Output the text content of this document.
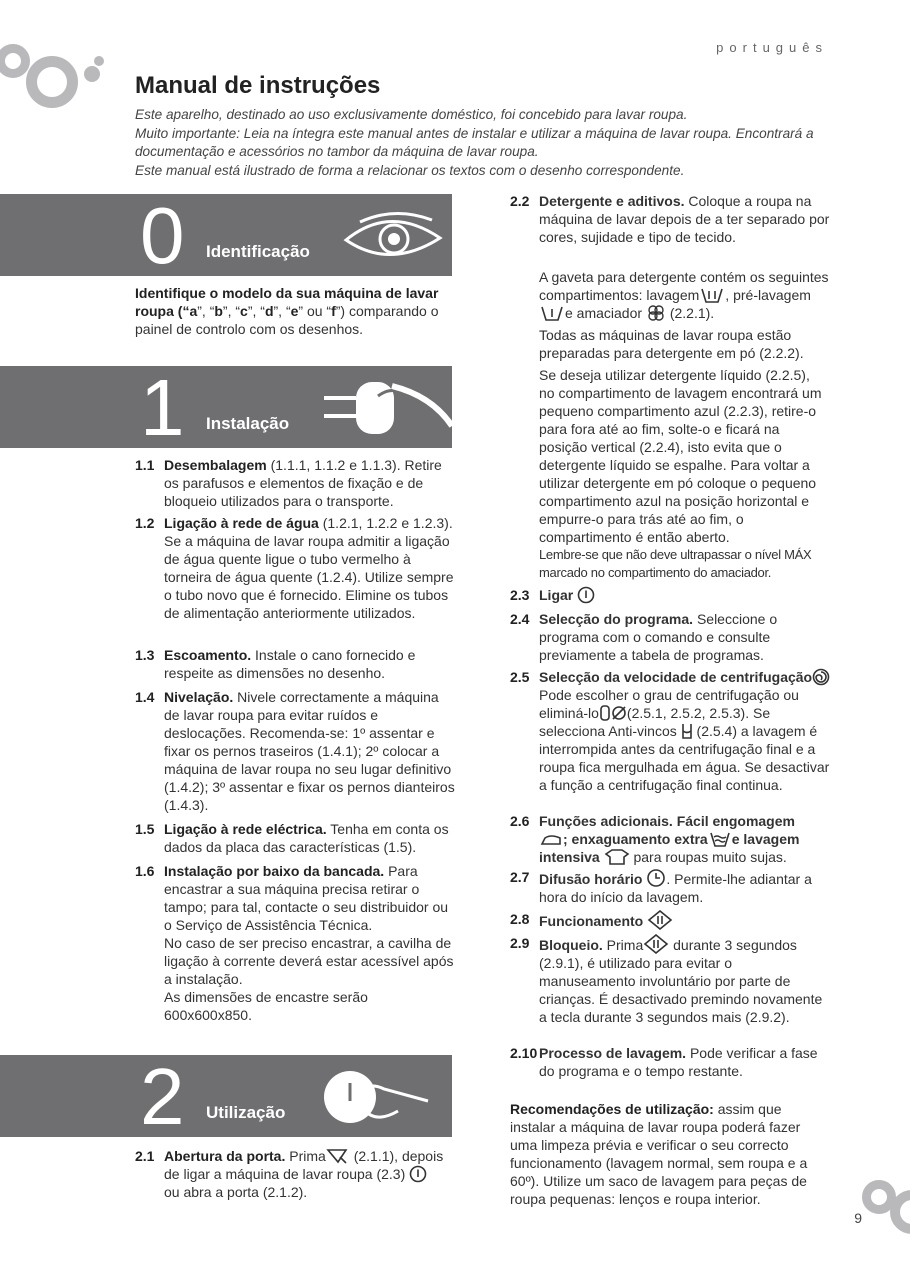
português
Manual de instruções

Este aparelho, destinado ao uso exclusivamente doméstico, foi concebido para lavar roupa.

Muito importante: Leia na íntegra este manual antes de instalar e utilizar a máquina de lavar roupa. Encontrará a documentação e acessórios no tambor da máquina de lavar roupa.

Este manual está ilustrado de forma a relacionar os textos com o desenho correspondente.

0 Identificação
Identifique o modelo da sua máquina de lavar roupa (“a”, “b”, “c”, “d”, “e” ou “f”) comparando o painel de controlo com os desenhos.
1 Instalação
1.1 Desembalagem (1.1.1, 1.1.2 e 1.1.3). Retire os parafusos e elementos de fixação e de bloqueio utilizados para o transporte.
1.2 Ligação à rede de água (1.2.1, 1.2.2 e 1.2.3). Se a máquina de lavar roupa admitir a ligação de água quente ligue o tubo vermelho à torneira de água quente (1.2.4). Utilize sempre o tubo novo que é fornecido. Elimine os tubos de alimentação anteriormente utilizados.
1.3 Escoamento. Instale o cano fornecido e respeite as dimensões no desenho.
1.4 Nivelação. Nivele correctamente a máquina de lavar roupa para evitar ruídos e deslocações. Recomenda-se: 1º assentar e fixar os pernos traseiros (1.4.1); 2º colocar a máquina de lavar roupa no seu lugar definitivo (1.4.2); 3º assentar e fixar os pernos dianteiros (1.4.3).
1.5 Ligação à rede eléctrica. Tenha em conta os dados da placa das características (1.5).
1.6 Instalação por baixo da bancada. Para encastrar a sua máquina precisa retirar o tampo; para tal, contacte o seu distribuidor ou o Serviço de Assistência Técnica.
No caso de ser preciso encastrar, a cavilha de ligação à corrente deverá estar acessível após a instalação.
As dimensões de encastre serão 600x600x850.
2 Utilização
2.1 Abertura da porta. Prima (2.1.1), depois de ligar a máquina de lavar roupa (2.3)
ou abra a porta (2.1.2).
2.2 Detergente e aditivos. Coloque a roupa na máquina de lavar depois de a ter separado por cores, sujidade e tipo de tecido.
A gaveta para detergente contém os seguintes compartimentos: lavagem , pré-lavageme amaciador (2.2.1).
Todas as máquinas de lavar roupa estão preparadas para detergente em pó (2.2.2).
Se deseja utilizar detergente líquido (2.2.5), no compartimento de lavagem encontrará um pequeno compartimento azul (2.2.3), retire-o para fora até ao fim, solte-o e ficará na posição vertical (2.2.4), isto evita que o detergente líquido se espalhe. Para voltar a utilizar detergente em pó coloque o pequeno compartimento azul na posição horizontal e empurre-o para trás até ao fim, o compartimento é então aberto.
Lembre-se que não deve ultrapassar o nível MÁX marcado no compartimento do amaciador.
2.3 Ligar
2.4 Selecção do programa. Seleccione o programa com o comando e consulte previamente a tabela de programas.
2.5 Selecção da velocidade de centrifugação
Pode escolher o grau de centrifugação ou eliminá-lo (2.5.1, 2.5.2, 2.5.3). Se selecciona Anti-vincos  (2.5.4) a lavagem é interrompida antes da centrifugação final e a roupa fica mergulhada em água. Se desactivar a função a centrifugação final continua.
2.6 Funções adicionais. Fácil engomagem
; enxaguamento extra e lavagem
intensiva  para roupas muito sujas.
2.7 Difusão horário . Permite-lhe adiantar a hora do início da lavagem.
2.8 Funcionamento
2.9 Bloqueio. Prima durante 3 segundos (2.9.1), é utilizado para evitar o manuseamento involuntário por parte de crianças. É desactivado premindo novamente a tecla durante 3 segundos mais (2.9.2).
2.10 Processo de lavagem. Pode verificar a fase do programa e o tempo restante.
Recomendações de utilização: assim que instalar a máquina de lavar roupa poderá fazer uma limpeza prévia e verificar o seu correcto funcionamento (lavagem normal, sem roupa e a 60º). Utilize um saco de lavagem para peças de roupa pequenas: lenços e roupa interior.
9
